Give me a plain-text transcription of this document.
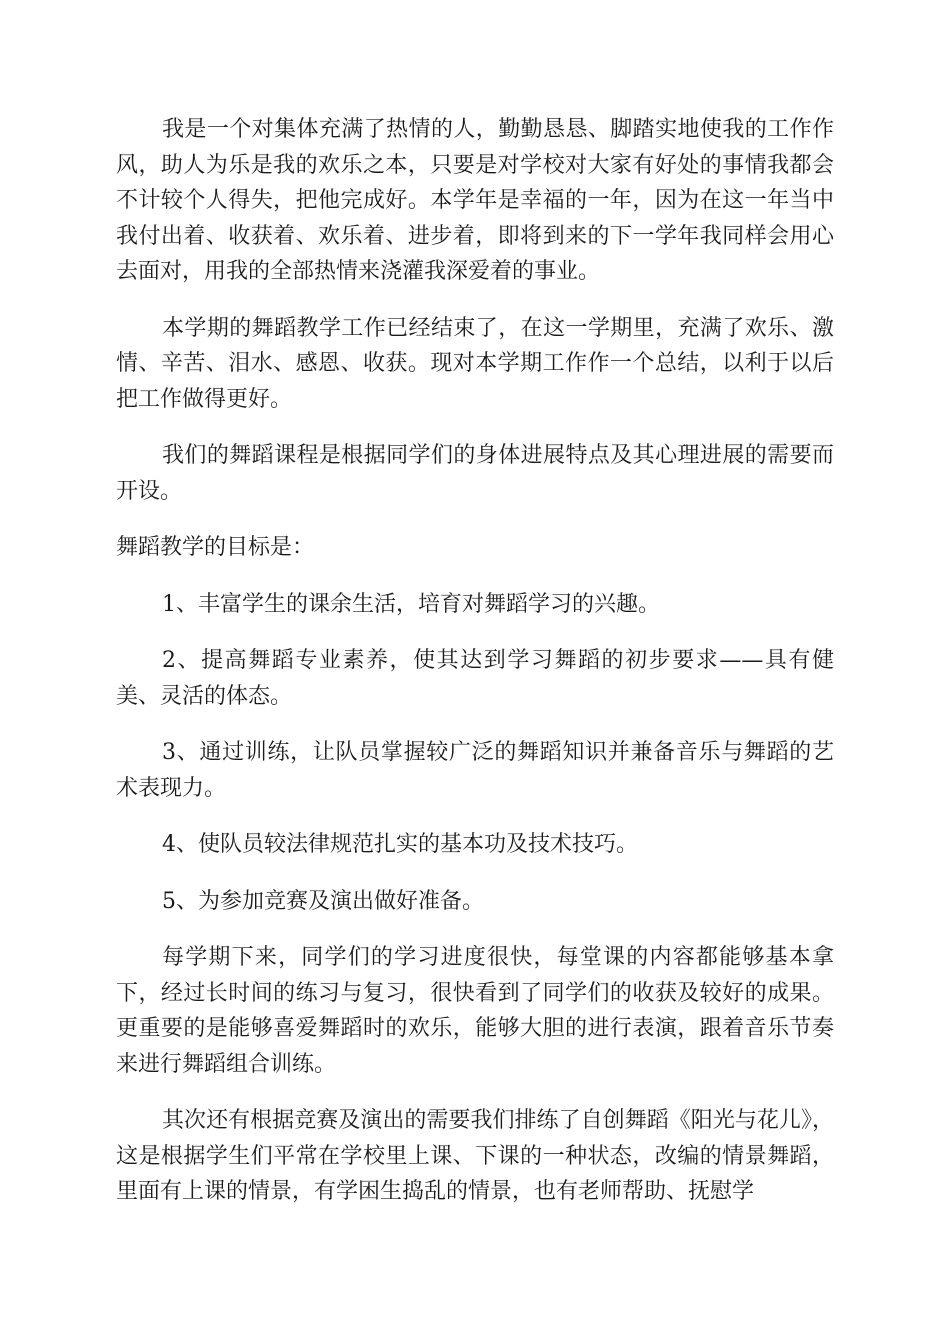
我是一个对集体充满了热情的人，勤勤恳恳、脚踏实地使我的工作作风，助人为乐是我的欢乐之本，只要是对学校对大家有好处的事情我都会不计较个人得失，把他完成好。本学年是幸福的一年，因为在这一年当中我付出着、收获着、欢乐着、进步着，即将到来的下一学年我同样会用心去面对，用我的全部热情来浇灌我深爱着的事业。

本学期的舞蹈教学工作已经结束了，在这一学期里，充满了欢乐、激情、辛苦、泪水、感恩、收获。现对本学期工作作一个总结，以利于以后把工作做得更好。

我们的舞蹈课程是根据同学们的身体进展特点及其心理进展的需要而开设。

舞蹈教学的目标是：

1、丰富学生的课余生活，培育对舞蹈学习的兴趣。

2、提高舞蹈专业素养，使其达到学习舞蹈的初步要求——具有健美、灵活的体态。

3、通过训练，让队员掌握较广泛的舞蹈知识并兼备音乐与舞蹈的艺术表现力。

4、使队员较法律规范扎实的基本功及技术技巧。

5、为参加竞赛及演出做好准备。

每学期下来，同学们的学习进度很快，每堂课的内容都能够基本拿下，经过长时间的练习与复习，很快看到了同学们的收获及较好的成果。更重要的是能够喜爱舞蹈时的欢乐，能够大胆的进行表演，跟着音乐节奏来进行舞蹈组合训练。

其次还有根据竞赛及演出的需要我们排练了自创舞蹈《阳光与花儿》，这是根据学生们平常在学校里上课、下课的一种状态，改编的情景舞蹈，里面有上课的情景，有学困生捣乱的情景，也有老师帮助、抚慰学
